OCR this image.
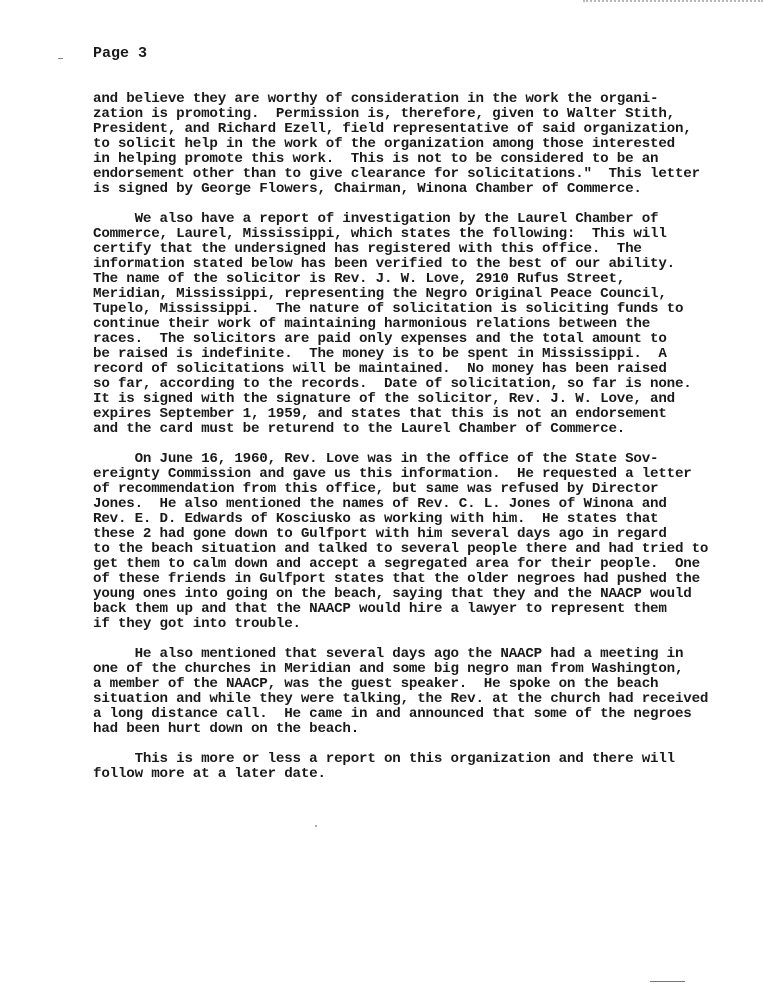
Page 3
and believe they are worthy of consideration in the work the organi-
zation is promoting.  Permission is, therefore, given to Walter Stith,
President, and Richard Ezell, field representative of said organization,
to solicit help in the work of the organization among those interested
in helping promote this work.  This is not to be considered to be an
endorsement other than to give clearance for solicitations."  This letter
is signed by George Flowers, Chairman, Winona Chamber of Commerce.
We also have a report of investigation by the Laurel Chamber of
Commerce, Laurel, Mississippi, which states the following:  This will
certify that the undersigned has registered with this office.  The
information stated below has been verified to the best of our ability.
The name of the solicitor is Rev. J. W. Love, 2910 Rufus Street,
Meridian, Mississippi, representing the Negro Original Peace Council,
Tupelo, Mississippi.  The nature of solicitation is soliciting funds to
continue their work of maintaining harmonious relations between the
races.  The solicitors are paid only expenses and the total amount to
be raised is indefinite.  The money is to be spent in Mississippi.  A
record of solicitations will be maintained.  No money has been raised
so far, according to the records.  Date of solicitation, so far is none.
It is signed with the signature of the solicitor, Rev. J. W. Love, and
expires September 1, 1959, and states that this is not an endorsement
and the card must be returend to the Laurel Chamber of Commerce.
On June 16, 1960, Rev. Love was in the office of the State Sov-
ereignty Commission and gave us this information.  He requested a letter
of recommendation from this office, but same was refused by Director
Jones.  He also mentioned the names of Rev. C. L. Jones of Winona and
Rev. E. D. Edwards of Kosciusko as working with him.  He states that
these 2 had gone down to Gulfport with him several days ago in regard
to the beach situation and talked to several people there and had tried to
get them to calm down and accept a segregated area for their people.  One
of these friends in Gulfport states that the older negroes had pushed the
young ones into going on the beach, saying that they and the NAACP would
back them up and that the NAACP would hire a lawyer to represent them
if they got into trouble.
He also mentioned that several days ago the NAACP had a meeting in
one of the churches in Meridian and some big negro man from Washington,
a member of the NAACP, was the guest speaker.  He spoke on the beach
situation and while they were talking, the Rev. at the church had received
a long distance call.  He came in and announced that some of the negroes
had been hurt down on the beach.
This is more or less a report on this organization and there will
follow more at a later date.
